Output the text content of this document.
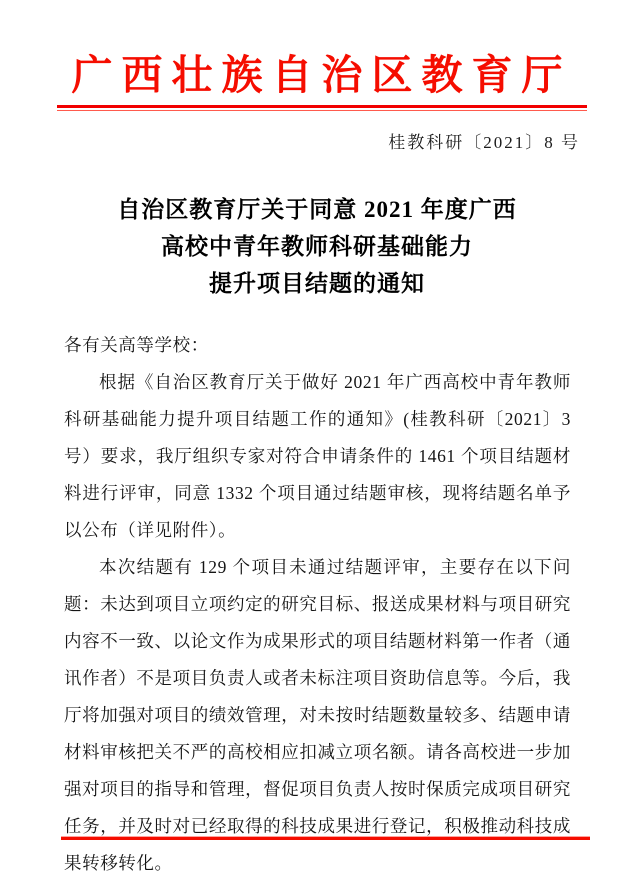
广西壮族自治区教育厅
桂教科研〔2021〕8 号
自治区教育厅关于同意 2021 年度广西
高校中青年教师科研基础能力
提升项目结题的通知

各有关高等学校：

根据《自治区教育厅关于做好 2021 年广西高校中青年教师科研基础能力提升项目结题工作的通知》(桂教科研〔2021〕3 号）要求，我厅组织专家对符合申请条件的 1461 个项目结题材料进行评审，同意 1332 个项目通过结题审核，现将结题名单予以公布（详见附件）。

本次结题有 129 个项目未通过结题评审，主要存在以下问题：未达到项目立项约定的研究目标、报送成果材料与项目研究内容不一致、以论文作为成果形式的项目结题材料第一作者（通讯作者）不是项目负责人或者未标注项目资助信息等。今后，我厅将加强对项目的绩效管理，对未按时结题数量较多、结题申请材料审核把关不严的高校相应扣减立项名额。请各高校进一步加强对项目的指导和管理，督促项目负责人按时保质完成项目研究任务，并及时对已经取得的科技成果进行登记，积极推动科技成果转移转化。
